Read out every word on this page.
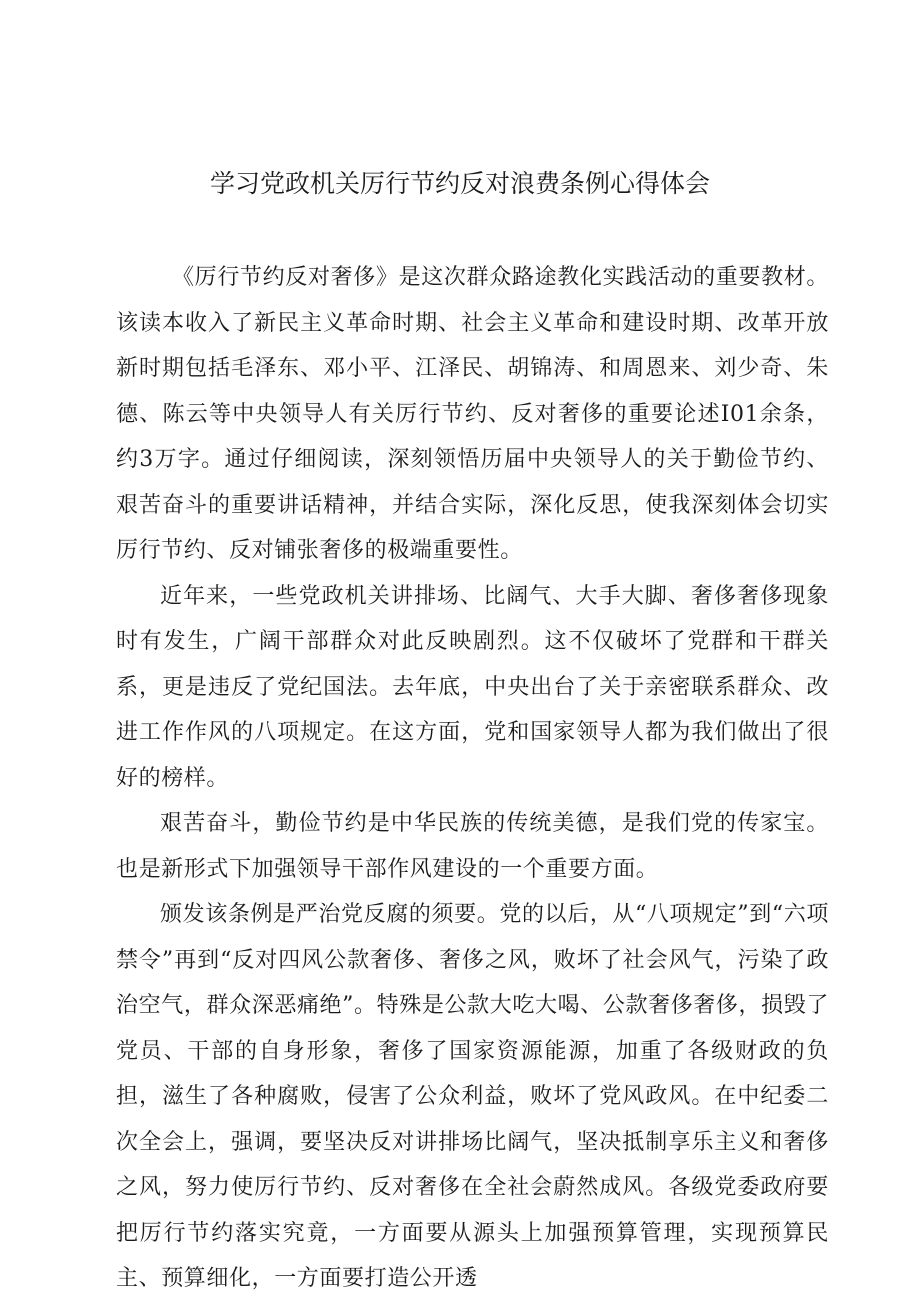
学习党政机关厉行节约反对浪费条例心得体会

《厉行节约反对奢侈》是这次群众路途教化实践活动的重要教材。该读本收入了新民主义革命时期、社会主义革命和建设时期、改革开放新时期包括毛泽东、邓小平、江泽民、胡锦涛、和周恩来、刘少奇、朱德、陈云等中央领导人有关厉行节约、反对奢侈的重要论述I01余条，约3万字。通过仔细阅读，深刻领悟历届中央领导人的关于勤俭节约、艰苦奋斗的重要讲话精神，并结合实际，深化反思，使我深刻体会切实厉行节约、反对铺张奢侈的极端重要性。

近年来，一些党政机关讲排场、比阔气、大手大脚、奢侈奢侈现象时有发生，广阔干部群众对此反映剧烈。这不仅破坏了党群和干群关系，更是违反了党纪国法。去年底，中央出台了关于亲密联系群众、改进工作作风的八项规定。在这方面，党和国家领导人都为我们做出了很好的榜样。

艰苦奋斗，勤俭节约是中华民族的传统美德，是我们党的传家宝。也是新形式下加强领导干部作风建设的一个重要方面。

颁发该条例是严治党反腐的须要。党的以后，从“八项规定”到“六项禁令”再到“反对四风公款奢侈、奢侈之风，败坏了社会风气，污染了政治空气，群众深恶痛绝”。特殊是公款大吃大喝、公款奢侈奢侈，损毁了党员、干部的自身形象，奢侈了国家资源能源，加重了各级财政的负担，滋生了各种腐败，侵害了公众利益，败坏了党风政风。在中纪委二次全会上，强调，要坚决反对讲排场比阔气，坚决抵制享乐主义和奢侈之风，努力使厉行节约、反对奢侈在全社会蔚然成风。各级党委政府要把厉行节约落实究竟，一方面要从源头上加强预算管理，实现预算民主、预算细化，一方面要打造公开透
